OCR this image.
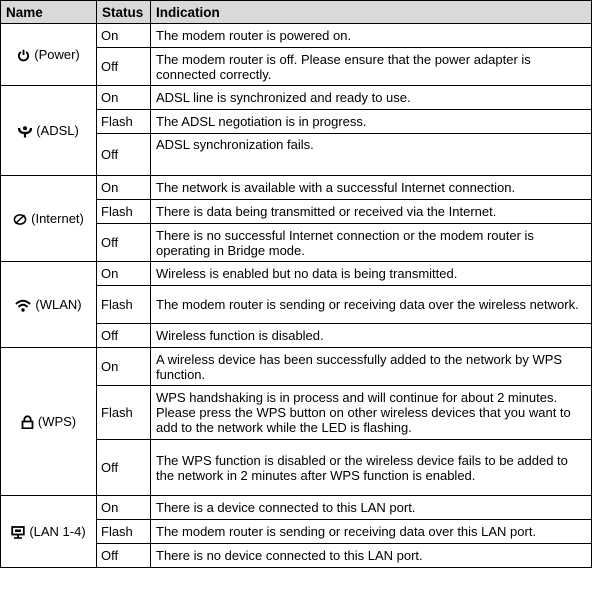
Name	Status	Indication

(Power)	On	The modem router is powered on.
	Off	The modem router is off. Please ensure that the power adapter is connected correctly.

(ADSL)	On	ADSL line is synchronized and ready to use.
	Flash	The ADSL negotiation is in progress.
	Off	ADSL synchronization fails.

(Internet)	On	The network is available with a successful Internet connection.
	Flash	There is data being transmitted or received via the Internet.
	Off	There is no successful Internet connection or the modem router is operating in Bridge mode.

(WLAN)	On	Wireless is enabled but no data is being transmitted.
	Flash	The modem router is sending or receiving data over the wireless network.
	Off	Wireless function is disabled.

(WPS)	On	A wireless device has been successfully added to the network by WPS function.
	Flash	WPS handshaking is in process and will continue for about 2 minutes. Please press the WPS button on other wireless devices that you want to add to the network while the LED is flashing.
	Off	The WPS function is disabled or the wireless device fails to be added to the network in 2 minutes after WPS function is enabled.

(LAN 1-4)	On	There is a device connected to this LAN port.
	Flash	The modem router is sending or receiving data over this LAN port.
	Off	There is no device connected to this LAN port.
